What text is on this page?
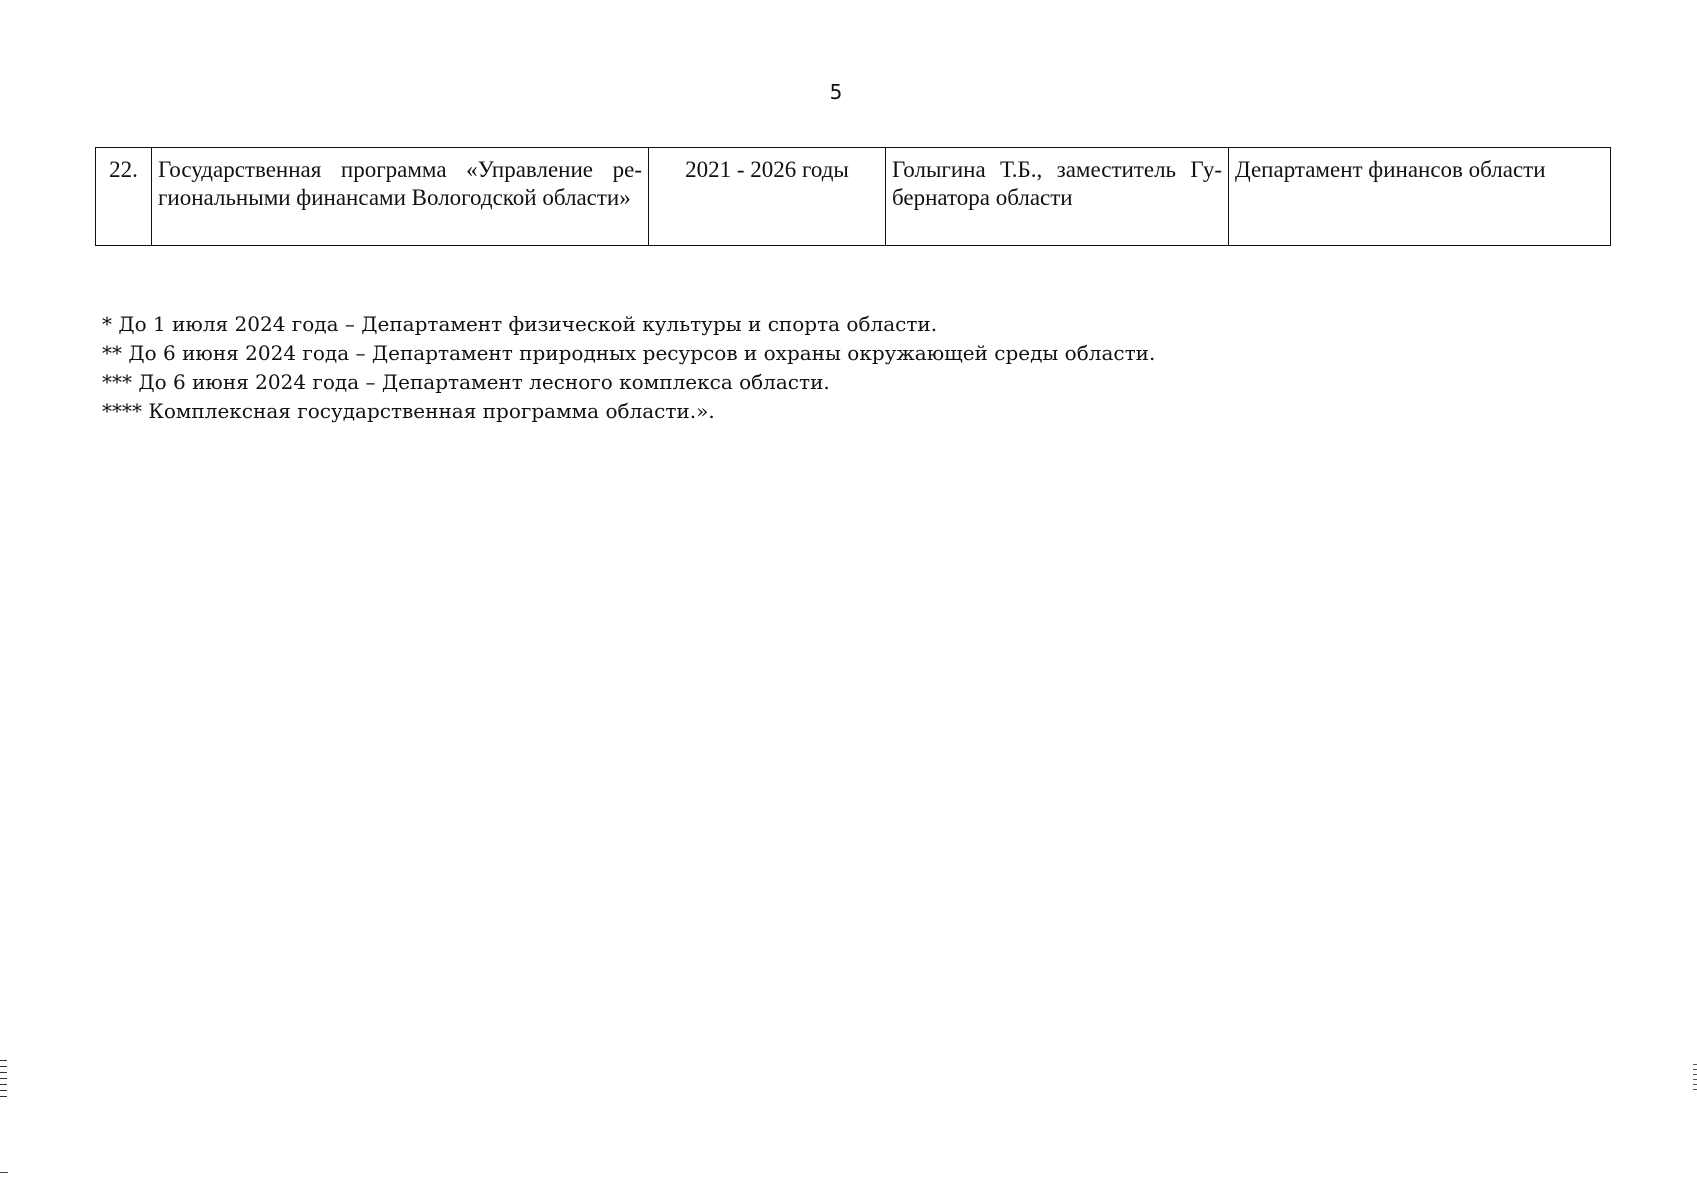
5
22.	Государственная программа «Управление региональными финансами Вологодской области»	2021 - 2026 годы	Голыгина Т.Б., заместитель Губернатора области	Департамент финансов области
* До 1 июля 2024 года – Департамент физической культуры и спорта области.
** До 6 июня 2024 года – Департамент природных ресурсов и охраны окружающей среды области.
*** До 6 июня 2024 года – Департамент лесного комплекса области.
**** Комплексная государственная программа области.».
